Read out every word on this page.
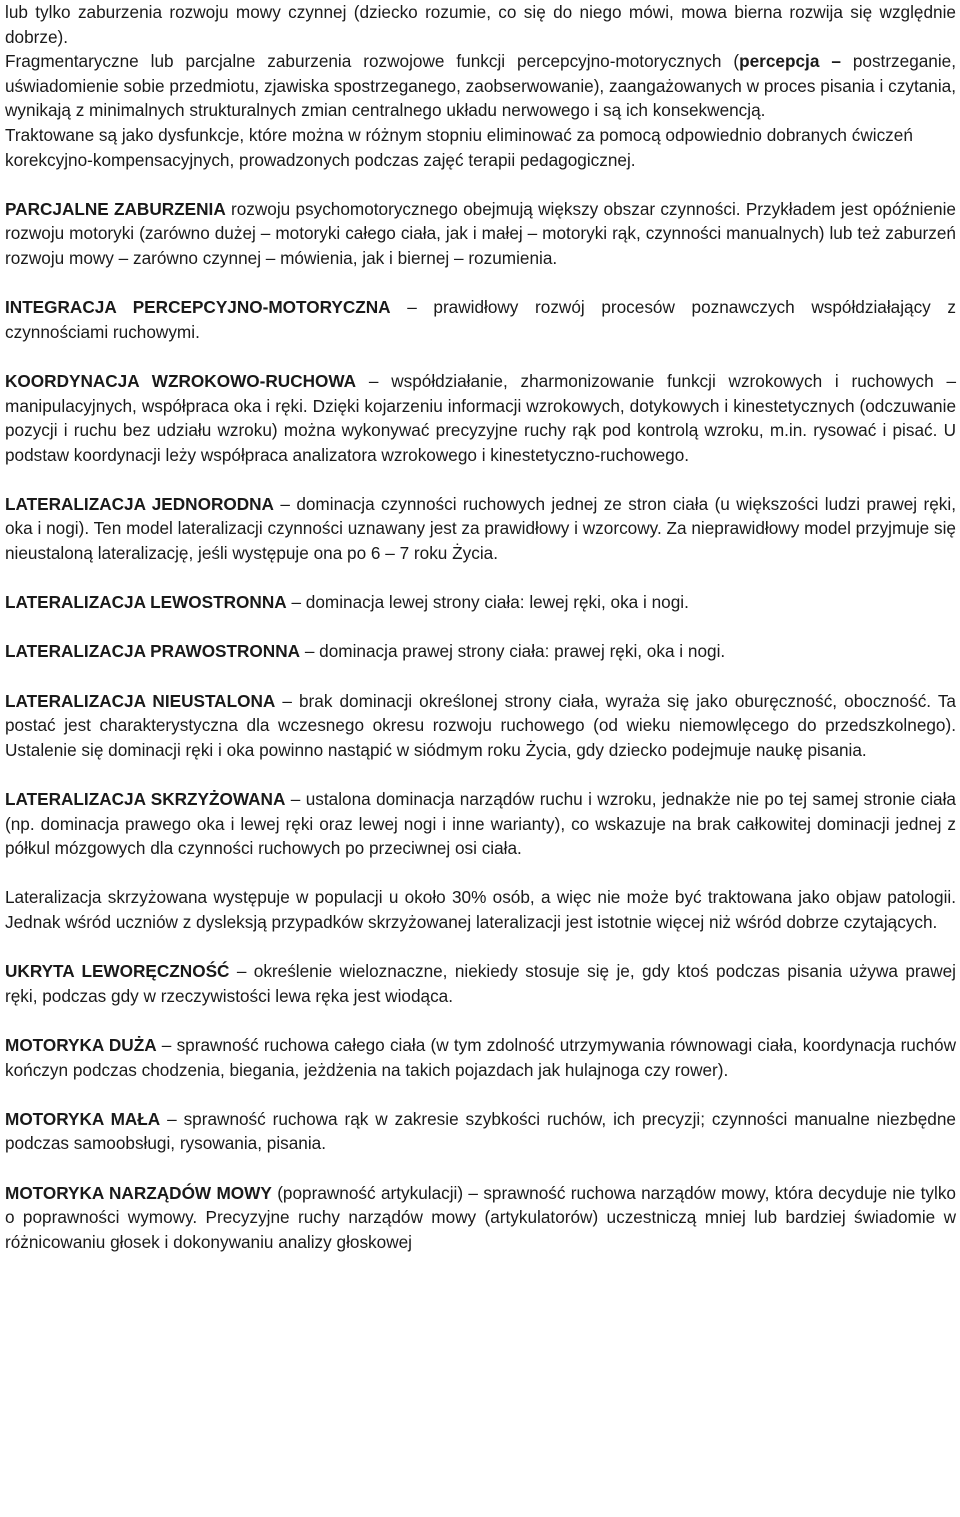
lub tylko zaburzenia rozwoju mowy czynnej (dziecko rozumie, co się do niego mówi, mowa bierna rozwija się względnie dobrze).

Fragmentaryczne lub parcjalne zaburzenia rozwojowe funkcji percepcyjno-motorycznych (percepcja – postrzeganie, uświadomienie sobie przedmiotu, zjawiska spostrzeganego, zaobserwowanie), zaangażowanych w proces pisania i czytania, wynikają z minimalnych strukturalnych zmian centralnego układu nerwowego i są ich konsekwencją.

Traktowane są jako dysfunkcje, które można w różnym stopniu eliminować za pomocą odpowiednio dobranych ćwiczeń korekcyjno-kompensacyjnych, prowadzonych podczas zajęć terapii pedagogicznej.

PARCJALNE ZABURZENIA rozwoju psychomotorycznego obejmują większy obszar czynności. Przykładem jest opóźnienie rozwoju motoryki (zarówno dużej – motoryki całego ciała, jak i małej – motoryki rąk, czynności manualnych) lub też zaburzeń rozwoju mowy – zarówno czynnej – mówienia, jak i biernej – rozumienia.

INTEGRACJA PERCEPCYJNO-MOTORYCZNA – prawidłowy rozwój procesów poznawczych współdziałający z czynnościami ruchowymi.

KOORDYNACJA WZROKOWO-RUCHOWA – współdziałanie, zharmonizowanie funkcji wzrokowych i ruchowych – manipulacyjnych, współpraca oka i ręki. Dzięki kojarzeniu informacji wzrokowych, dotykowych i kinestetycznych (odczuwanie pozycji i ruchu bez udziału wzroku) można wykonywać precyzyjne ruchy rąk pod kontrolą wzroku, m.in. rysować i pisać. U podstaw koordynacji leży współpraca analizatora wzrokowego i kinestetyczno-ruchowego.

LATERALIZACJA JEDNORODNA – dominacja czynności ruchowych jednej ze stron ciała (u większości ludzi prawej ręki, oka i nogi). Ten model lateralizacji czynności uznawany jest za prawidłowy i wzorcowy. Za nieprawidłowy model przyjmuje się nieustaloną lateralizację, jeśli występuje ona po 6 – 7 roku Życia.

LATERALIZACJA LEWOSTRONNA – dominacja lewej strony ciała: lewej ręki, oka i nogi.

LATERALIZACJA PRAWOSTRONNA – dominacja prawej strony ciała: prawej ręki, oka i nogi.

LATERALIZACJA NIEUSTALONA – brak dominacji określonej strony ciała, wyraża się jako oburęczność, oboczność. Ta postać jest charakterystyczna dla wczesnego okresu rozwoju ruchowego (od wieku niemowlęcego do przedszkolnego). Ustalenie się dominacji ręki i oka powinno nastąpić w siódmym roku Życia, gdy dziecko podejmuje naukę pisania.

LATERALIZACJA SKRZYŻOWANA – ustalona dominacja narządów ruchu i wzroku, jednakże nie po tej samej stronie ciała (np. dominacja prawego oka i lewej ręki oraz lewej nogi i inne warianty), co wskazuje na brak całkowitej dominacji jednej z półkul mózgowych dla czynności ruchowych po przeciwnej osi ciała.

Lateralizacja skrzyżowana występuje w populacji u około 30% osób, a więc nie może być traktowana jako objaw patologii. Jednak wśród uczniów z dysleksją przypadków skrzyżowanej lateralizacji jest istotnie więcej niż wśród dobrze czytających.

UKRYTA LEWORĘCZNOŚĆ – określenie wieloznaczne, niekiedy stosuje się je, gdy ktoś podczas pisania używa prawej ręki, podczas gdy w rzeczywistości lewa ręka jest wiodąca.

MOTORYKA DUŻA – sprawność ruchowa całego ciała (w tym zdolność utrzymywania równowagi ciała, koordynacja ruchów kończyn podczas chodzenia, biegania, jeżdżenia na takich pojazdach jak hulajnoga czy rower).

MOTORYKA MAŁA – sprawność ruchowa rąk w zakresie szybkości ruchów, ich precyzji; czynności manualne niezbędne podczas samoobsługi, rysowania, pisania.

MOTORYKA NARZĄDÓW MOWY (poprawność artykulacji) – sprawność ruchowa narządów mowy, która decyduje nie tylko o poprawności wymowy. Precyzyjne ruchy narządów mowy (artykulatorów) uczestniczą mniej lub bardziej świadomie w różnicowaniu głosek i dokonywaniu analizy głoskowej
